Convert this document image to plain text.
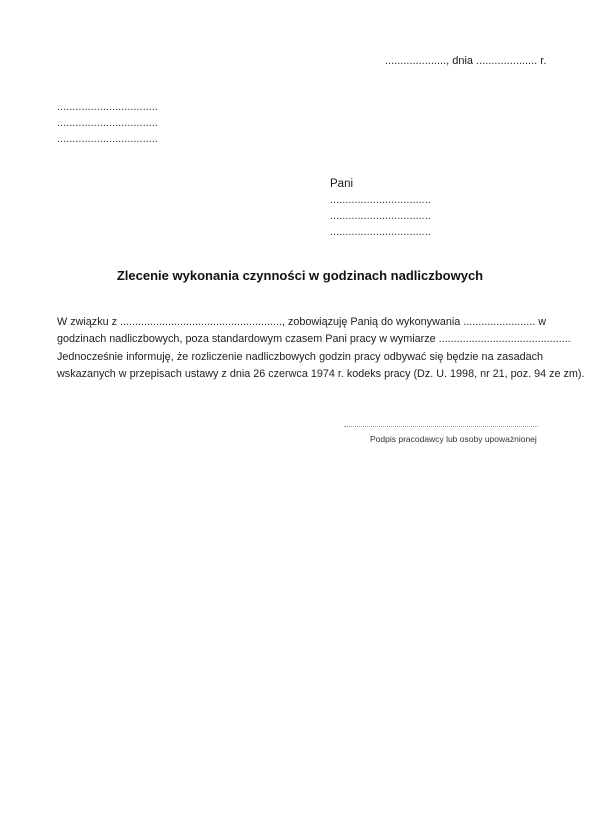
...................., dnia .................... r.
.................................
.................................
.................................
Pani
.................................
.................................
.................................
Zlecenie wykonania czynności w godzinach nadliczbowych
W związku z ......................................................, zobowiązuję Panią do wykonywania ........................ w
godzinach nadliczbowych, poza standardowym czasem Pani pracy w wymiarze ............................................
Jednocześnie informuję, że rozliczenie nadliczbowych godzin pracy odbywać się będzie na zasadach
wskazanych w przepisach ustawy z dnia 26 czerwca 1974 r. kodeks pracy (Dz. U. 1998, nr 21, poz. 94 ze zm).
Podpis pracodawcy lub osoby upoważnionej
